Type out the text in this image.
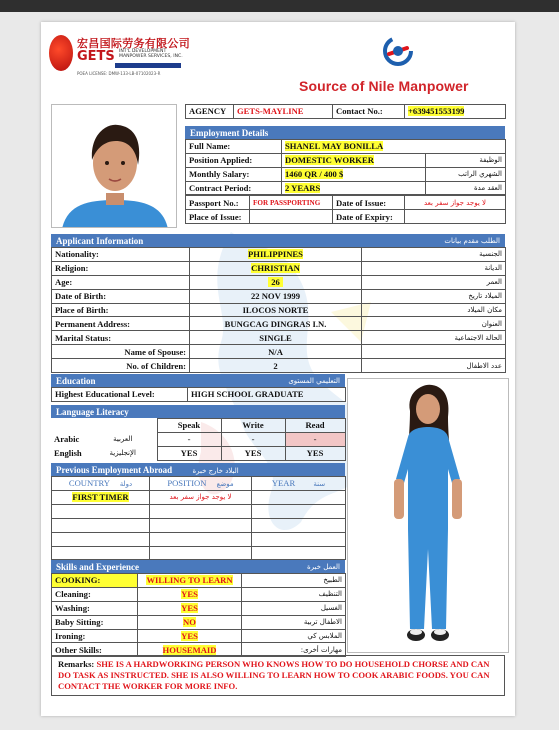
宏昌国际劳务有限公司
GETS INT'L DEVELOPMENT MANPOWER SERVICES, INC.
POEA LICENSE: DMW-133-LB-07102023-R
Source of Nile Manpower
AGENCY	GETS-MAYLINE	Contact No.:	+639451553199
Employment Details
Full Name:	SHANEL MAY BONILLA	
Position Applied:	DOMESTIC WORKER	الوظيفة
Monthly Salary:	1460 QR / 400 $	الشهري الراتب
Contract Period:	2 YEARS	العقد مدة
Passport No.:	FOR PASSPORTING	Date of Issue:	لا يوجد جواز سفر بعد
Place of Issue:		Date of Expiry:	
Applicant Information	الطلب مقدم بيانات
Nationality:	PHILIPPINES	الجنسية
Religion:	CHRISTIAN	الديانة
Age:	26	العمر
Date of Birth:	22 NOV 1999	الميلاد تاريخ
Place of Birth:	ILOCOS NORTE	مكان الميلاد
Permanent Address:	BUNGCAG DINGRAS I.N.	العنوان
Marital Status:	SINGLE	الحالة الاجتماعية
Name of Spouse:	N/A	
No. of Children:	2	عدد الاطفال
Education	التعليمي المستوى
Highest Educational Level:	HIGH SCHOOL GRADUATE
Language Literacy
		Speak	Write	Read
Arabic	العربية	-	-	-
English	الإنجليزية	YES	YES	YES
Previous Employment Abroad	البلاد خارج خبرة
COUNTRY دولة	POSITION موضع	YEAR سنة
FIRST TIMER	لا يوجد جواز سفر بعد	

Skills and Experience	العمل خبرة
COOKING:	WILLING TO LEARN	الطبيخ
Cleaning:	YES	التنظيف
Washing:	YES	الغسيل
Baby Sitting:	NO	الاطفال تربية
Ironing:	YES	الملابس كي
Other Skills:	HOUSEMAID	مهارات أخرى:
Remarks: SHE IS A HARDWORKING PERSON WHO KNOWS HOW TO DO HOUSEHOLD CHORSE AND CAN DO TASK AS INSTRUCTED. SHE IS ALSO WILLING TO LEARN HOW TO COOK ARABIC FOODS. YOU CAN CONTACT THE WORKER FOR MORE INFO.
